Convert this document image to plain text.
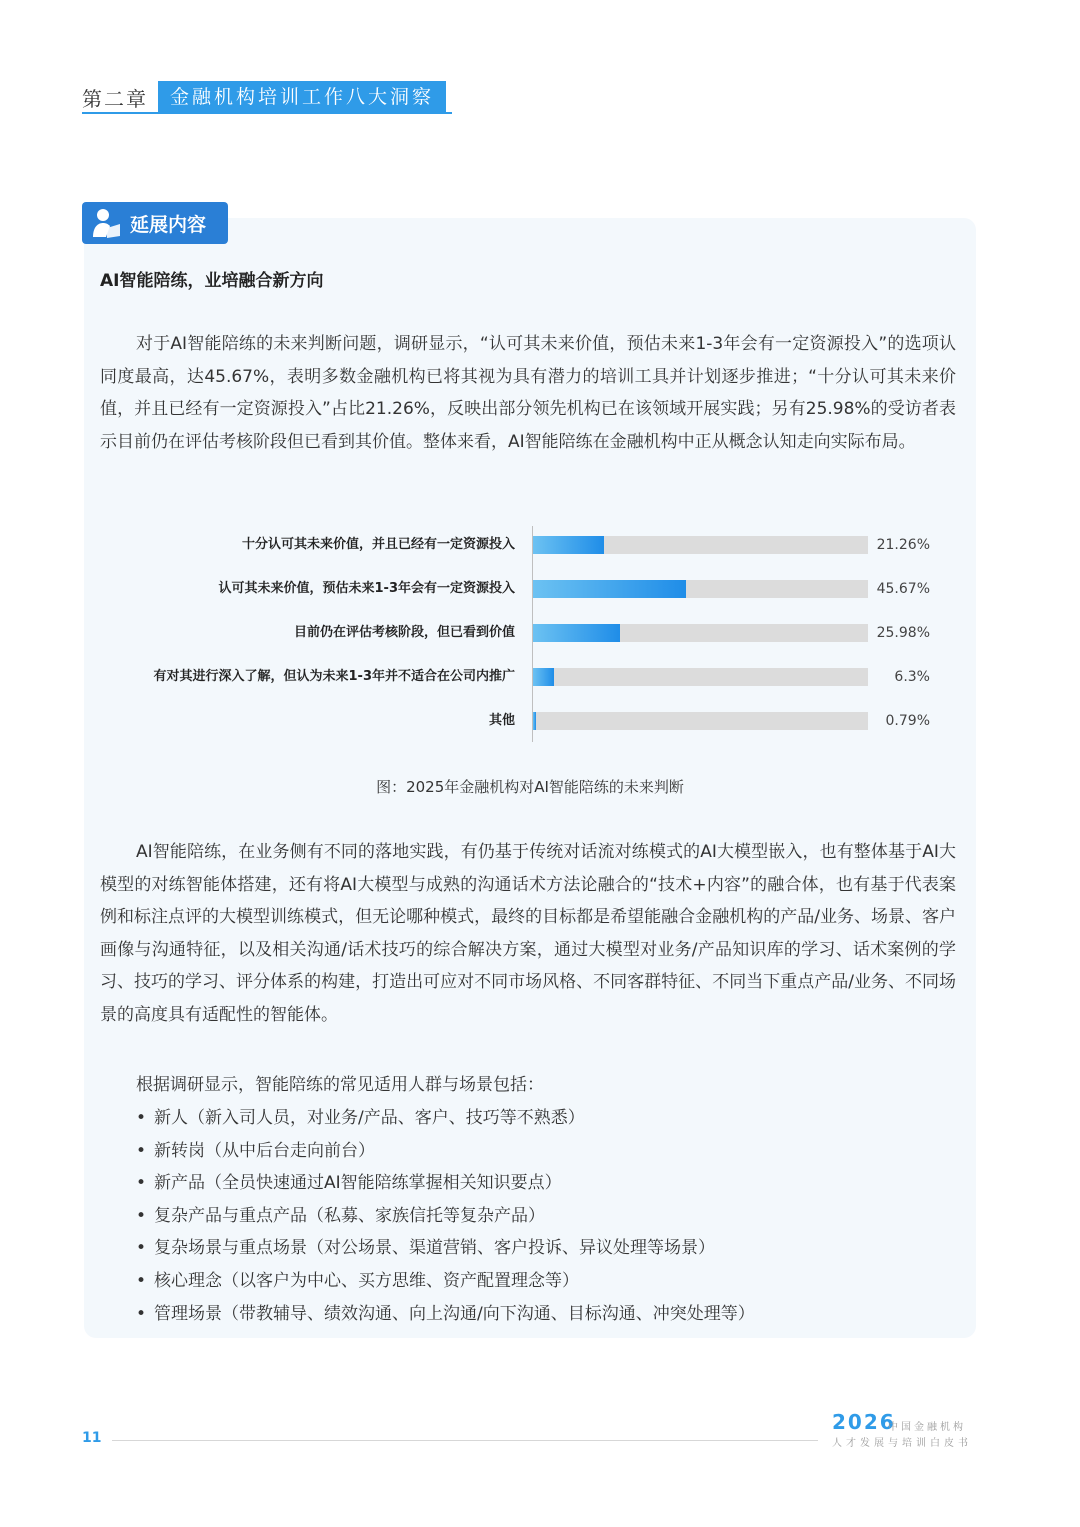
第二章	金融机构培训工作八大洞察
延展内容
AI智能陪练，业培融合新方向
对于AI智能陪练的未来判断问题，调研显示，“认可其未来价值，预估未来1-3年会有一定资源投入”的选项认同度最高，达45.67%，表明多数金融机构已将其视为具有潜力的培训工具并计划逐步推进；“十分认可其未来价值，并且已经有一定资源投入”占比21.26%，反映出部分领先机构已在该领域开展实践；另有25.98%的受访者表示目前仍在评估考核阶段但已看到其价值。整体来看，AI智能陪练在金融机构中正从概念认知走向实际布局。
十分认可其未来价值，并且已经有一定资源投入	21.26%
认可其未来价值，预估未来1-3年会有一定资源投入	45.67%
目前仍在评估考核阶段，但已看到价值	25.98%
有对其进行深入了解，但认为未来1-3年并不适合在公司内推广	6.3%
其他	0.79%
图：2025年金融机构对AI智能陪练的未来判断
AI智能陪练，在业务侧有不同的落地实践，有仍基于传统对话流对练模式的AI大模型嵌入，也有整体基于AI大模型的对练智能体搭建，还有将AI大模型与成熟的沟通话术方法论融合的“技术+内容”的融合体，也有基于代表案例和标注点评的大模型训练模式，但无论哪种模式，最终的目标都是希望能融合金融机构的产品/业务、场景、客户画像与沟通特征，以及相关沟通/话术技巧的综合解决方案，通过大模型对业务/产品知识库的学习、话术案例的学习、技巧的学习、评分体系的构建，打造出可应对不同市场风格、不同客群特征、不同当下重点产品/业务、不同场景的高度具有适配性的智能体。
根据调研显示，智能陪练的常见适用人群与场景包括：
• 新人（新入司人员，对业务/产品、客户、技巧等不熟悉）
• 新转岗（从中后台走向前台）
• 新产品（全员快速通过AI智能陪练掌握相关知识要点）
• 复杂产品与重点产品（私募、家族信托等复杂产品）
• 复杂场景与重点场景（对公场景、渠道营销、客户投诉、异议处理等场景）
• 核心理念（以客户为中心、买方思维、资产配置理念等）
• 管理场景（带教辅导、绩效沟通、向上沟通/向下沟通、目标沟通、冲突处理等）
11
2026
中国金融机构
人才发展与培训白皮书
